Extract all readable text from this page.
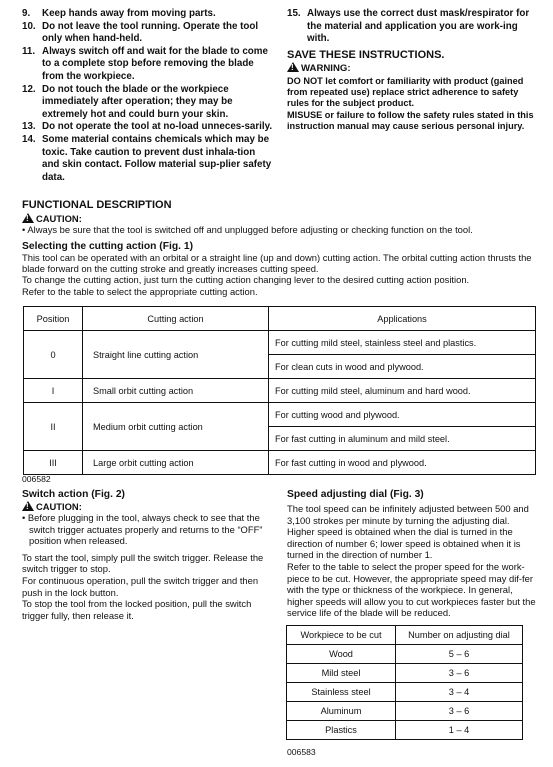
9. Keep hands away from moving parts.
10. Do not leave the tool running. Operate the tool only when hand-held.
11. Always switch off and wait for the blade to come to a complete stop before removing the blade from the workpiece.
12. Do not touch the blade or the workpiece immediately after operation; they may be extremely hot and could burn your skin.
13. Do not operate the tool at no-load unneces-sarily.
14. Some material contains chemicals which may be toxic. Take caution to prevent dust inhala-tion and skin contact. Follow material sup-plier safety data.
15. Always use the correct dust mask/respirator for the material and application you are work-ing with.
SAVE THESE INSTRUCTIONS.
!WARNING:
DO NOT let comfort or familiarity with product (gained from repeated use) replace strict adherence to safety rules for the subject product.
MISUSE or failure to follow the safety rules stated in this instruction manual may cause serious personal injury.
FUNCTIONAL DESCRIPTION
!CAUTION:
• Always be sure that the tool is switched off and unplugged before adjusting or checking function on the tool.
Selecting the cutting action (Fig. 1)
This tool can be operated with an orbital or a straight line (up and down) cutting action. The orbital cutting action thrusts the blade forward on the cutting stroke and greatly increases cutting speed.
To change the cutting action, just turn the cutting action changing lever to the desired cutting action position.
Refer to the table to select the appropriate cutting action.
Position	Cutting action	Applications
0	Straight line cutting action	For cutting mild steel, stainless steel and plastics.
		For clean cuts in wood and plywood.
I	Small orbit cutting action	For cutting mild steel, aluminum and hard wood.
II	Medium orbit cutting action	For cutting wood and plywood.
		For fast cutting in aluminum and mild steel.
III	Large orbit cutting action	For fast cutting in wood and plywood.
006582
Switch action (Fig. 2)
!CAUTION:
• Before plugging in the tool, always check to see that the switch trigger actuates properly and returns to the “OFF” position when released.
To start the tool, simply pull the switch trigger. Release the switch trigger to stop.
For continuous operation, pull the switch trigger and then push in the lock button.
To stop the tool from the locked position, pull the switch trigger fully, then release it.
Speed adjusting dial (Fig. 3)
The tool speed can be infinitely adjusted between 500 and 3,100 strokes per minute by turning the adjusting dial. Higher speed is obtained when the dial is turned in the direction of number 6; lower speed is obtained when it is turned in the direction of number 1.
Refer to the table to select the proper speed for the work-piece to be cut. However, the appropriate speed may dif-fer with the type or thickness of the workpiece. In general, higher speeds will allow you to cut workpieces faster but the service life of the blade will be reduced.
Workpiece to be cut	Number on adjusting dial
Wood	5 – 6
Mild steel	3 – 6
Stainless steel	3 – 4
Aluminum	3 – 6
Plastics	1 – 4
006583
